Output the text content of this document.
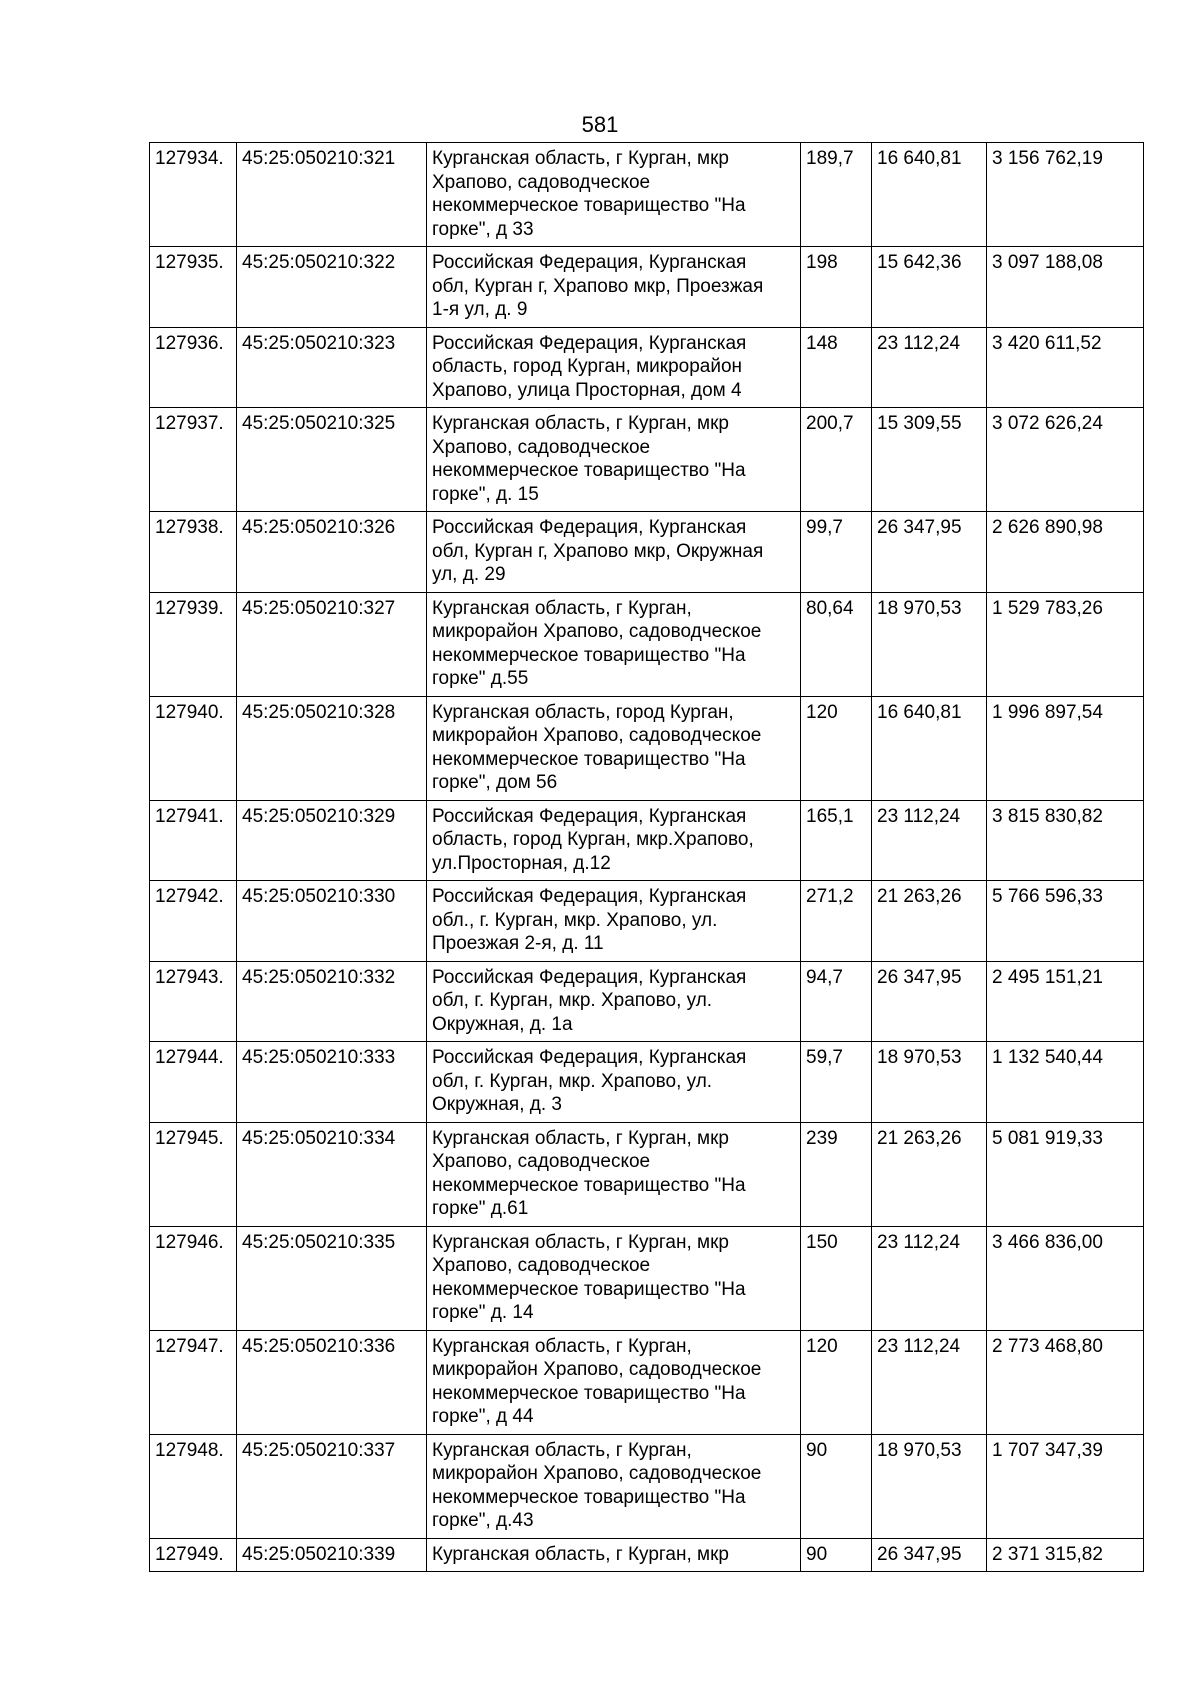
581
127934.	45:25:050210:321	Курганская область, г Курган, мкр
Храпово, садоводческое
некоммерческое товарищество "На
горке", д 33	189,7	16 640,81	3 156 762,19
127935.	45:25:050210:322	Российская Федерация, Курганская
обл, Курган г, Храпово мкр, Проезжая
1-я ул, д. 9	198	15 642,36	3 097 188,08
127936.	45:25:050210:323	Российская Федерация, Курганская
область, город Курган, микрорайон
Храпово, улица Просторная, дом 4	148	23 112,24	3 420 611,52
127937.	45:25:050210:325	Курганская область, г Курган, мкр
Храпово, садоводческое
некоммерческое товарищество "На
горке", д. 15	200,7	15 309,55	3 072 626,24
127938.	45:25:050210:326	Российская Федерация, Курганская
обл, Курган г, Храпово мкр, Окружная
ул, д. 29	99,7	26 347,95	2 626 890,98
127939.	45:25:050210:327	Курганская область, г Курган,
микрорайон Храпово, садоводческое
некоммерческое товарищество "На
горке" д.55	80,64	18 970,53	1 529 783,26
127940.	45:25:050210:328	Курганская область, город Курган,
микрорайон Храпово, садоводческое
некоммерческое товарищество "На
горке", дом 56	120	16 640,81	1 996 897,54
127941.	45:25:050210:329	Российская Федерация, Курганская
область, город Курган, мкр.Храпово,
ул.Просторная, д.12	165,1	23 112,24	3 815 830,82
127942.	45:25:050210:330	Российская Федерация, Курганская
обл., г. Курган, мкр. Храпово, ул.
Проезжая 2-я, д. 11	271,2	21 263,26	5 766 596,33
127943.	45:25:050210:332	Российская Федерация, Курганская
обл, г. Курган, мкр. Храпово, ул.
Окружная, д. 1а	94,7	26 347,95	2 495 151,21
127944.	45:25:050210:333	Российская Федерация, Курганская
обл, г. Курган, мкр. Храпово, ул.
Окружная, д. 3	59,7	18 970,53	1 132 540,44
127945.	45:25:050210:334	Курганская область, г Курган, мкр
Храпово, садоводческое
некоммерческое товарищество "На
горке" д.61	239	21 263,26	5 081 919,33
127946.	45:25:050210:335	Курганская область, г Курган, мкр
Храпово, садоводческое
некоммерческое товарищество "На
горке" д. 14	150	23 112,24	3 466 836,00
127947.	45:25:050210:336	Курганская область, г Курган,
микрорайон Храпово, садоводческое
некоммерческое товарищество "На
горке", д 44	120	23 112,24	2 773 468,80
127948.	45:25:050210:337	Курганская область, г Курган,
микрорайон Храпово, садоводческое
некоммерческое товарищество "На
горке", д.43	90	18 970,53	1 707 347,39
127949.	45:25:050210:339	Курганская область, г Курган, мкр	90	26 347,95	2 371 315,82
